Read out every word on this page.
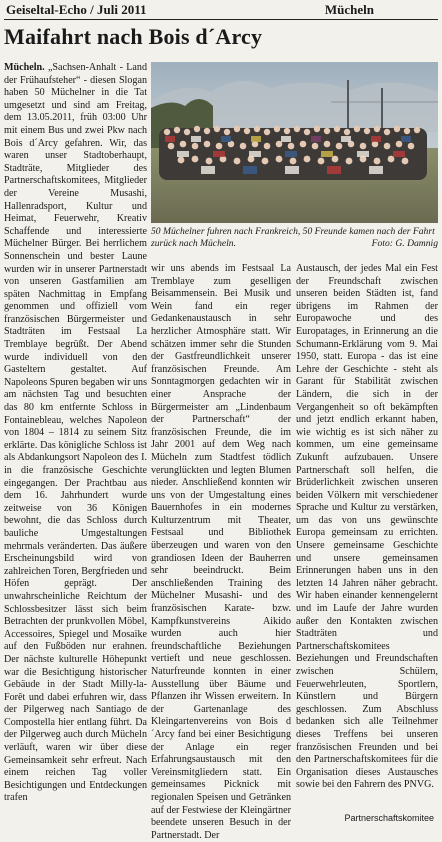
Geiseltal-Echo / Juli 2011	Mücheln
Maifahrt nach Bois d´Arcy

Mücheln. „Sachsen-Anhalt - Land der Frühaufsteher“ - diesen Slogan haben 50 Müchelner in die Tat umgesetzt und sind am Freitag, dem 13.05.2011, früh 03:00 Uhr mit einem Bus und zwei Pkw nach Bois d´Arcy gefahren. Wir, das waren unser Stadtoberhaupt, Stadträte, Mitglieder des Partnerschaftskomitees, Mitglieder der Vereine Musashi, Hallenradsport, Kultur und Heimat, Feuerwehr, Kreativ Schaffende und interessierte Müchelner Bürger. Bei herrlichem Sonnenschein und bester Laune wurden wir in unserer Partnerstadt von unseren Gastfamilien am späten Nachmittag in Empfang genommen und offiziell vom französischen Bürgermeister und Stadträten im Festsaal La Tremblaye begrüßt. Der Abend wurde individuell von den Gasteltern gestaltet. Auf Napoleons Spuren begaben wir uns am nächsten Tag und besuchten das 80 km entfernte Schloss in Fontainebleau, welches Napoleon von 1804 – 1814 zu seinem Sitz erklärte. Das königliche Schloss ist als Abdankungsort Napoleon des I. in die französische Geschichte eingegangen. Der Prachtbau aus dem 16. Jahrhundert wurde zeitweise von 36 Königen bewohnt, die das Schloss durch bauliche Umgestaltungen mehrmals veränderten. Das äußere Erscheinungsbild wird von zahlreichen Toren, Bergfrieden und Höfen geprägt. Der unwahrscheinliche Reichtum der Schlossbesitzer lässt sich beim Betrachten der prunkvollen Möbel, Accessoires, Spiegel und Mosaike auf den Fußböden nur erahnen. Der nächste kulturelle Höhepunkt war die Besichtigung historischer Gebäude in der Stadt Milly-la-Forêt und dabei erfuhren wir, dass der Pilgerweg nach Santiago de Compostella hier entlang führt. Da der Pilgerweg auch durch Mücheln verläuft, waren wir über diese Gemeinsamkeit sehr erfreut. Nach einem reichen Tag voller Besichtigungen und Entdeckungen trafen

50 Müchelner fuhren nach Frankreich, 50 Freunde kamen nach der Fahrt zurück nach Mücheln.	Foto: G. Damnig

wir uns abends im Festsaal La Tremblaye zum geselligen Beisammensein. Bei Musik und Wein fand ein reger Gedankenaustausch in sehr herzlicher Atmosphäre statt. Wir schätzen immer sehr die Stunden der Gastfreundlichkeit unserer französischen Freunde. Am Sonntagmorgen gedachten wir in einer Ansprache der Bürgermeister am „Lindenbaum der Partnerschaft“ der französischen Freunde, die im Jahr 2001 auf dem Weg nach Mücheln zum Stadtfest tödlich verunglückten und legten Blumen nieder. Anschließend konnten wir uns von der Umgestaltung eines Bauernhofes in ein modernes Kulturzentrum mit Theater, Festsaal und Bibliothek überzeugen und waren von den grandiosen Ideen der Bauherren sehr beeindruckt. Beim anschließenden Training des Müchelner Musashi- und des französischen Karate- bzw. Kampfkunstvereins Aikido wurden auch hier freundschaftliche Beziehungen vertieft und neue geschlossen. Naturfreunde konnten in einer Ausstellung über Bäume und Pflanzen ihr Wissen erweitern. In der Gartenanlage des Kleingartenvereins von Bois d´Arcy fand bei einer Besichtigung der Anlage ein reger Erfahrungsaustausch mit den Vereinsmitgliedern statt. Ein gemeinsames Picknick mit regionalen Speisen und Getränken auf der Festwiese der Kleingärtner beendete unseren Besuch in der Partnerstadt. Der

Austausch, der jedes Mal ein Fest der Freundschaft zwischen unseren beiden Städten ist, fand übrigens im Rahmen der Europawoche und des Europatages, in Erinnerung an die Schumann-Erklärung vom 9. Mai 1950, statt. Europa - das ist eine Lehre der Geschichte - steht als Garant für Stabilität zwischen Ländern, die sich in der Vergangenheit so oft bekämpften und jetzt endlich erkannt haben, wie wichtig es ist sich näher zu kommen, um eine gemeinsame Zukunft aufzubauen. Unsere Partnerschaft soll helfen, die Brüderlichkeit zwischen unseren beiden Völkern mit verschiedener Sprache und Kultur zu verstärken, um das von uns gewünschte Europa gemeinsam zu errichten. Unsere gemeinsame Geschichte und unsere gemeinsamen Erinnerungen haben uns in den letzten 14 Jahren näher gebracht. Wir haben einander kennengelernt und im Laufe der Jahre wurden außer den Kontakten zwischen Stadträten und Partnerschaftskomitees Beziehungen und Freundschaften zwischen Schülern, Feuerwehrleuten, Sportlern, Künstlern und Bürgern geschlossen. Zum Abschluss bedanken sich alle Teilnehmer dieses Treffens bei unseren französischen Freunden und bei den Partnerschaftskomitees für die Organisation dieses Austausches sowie bei den Fahrern des PNVG.

Partnerschaftskomitee
